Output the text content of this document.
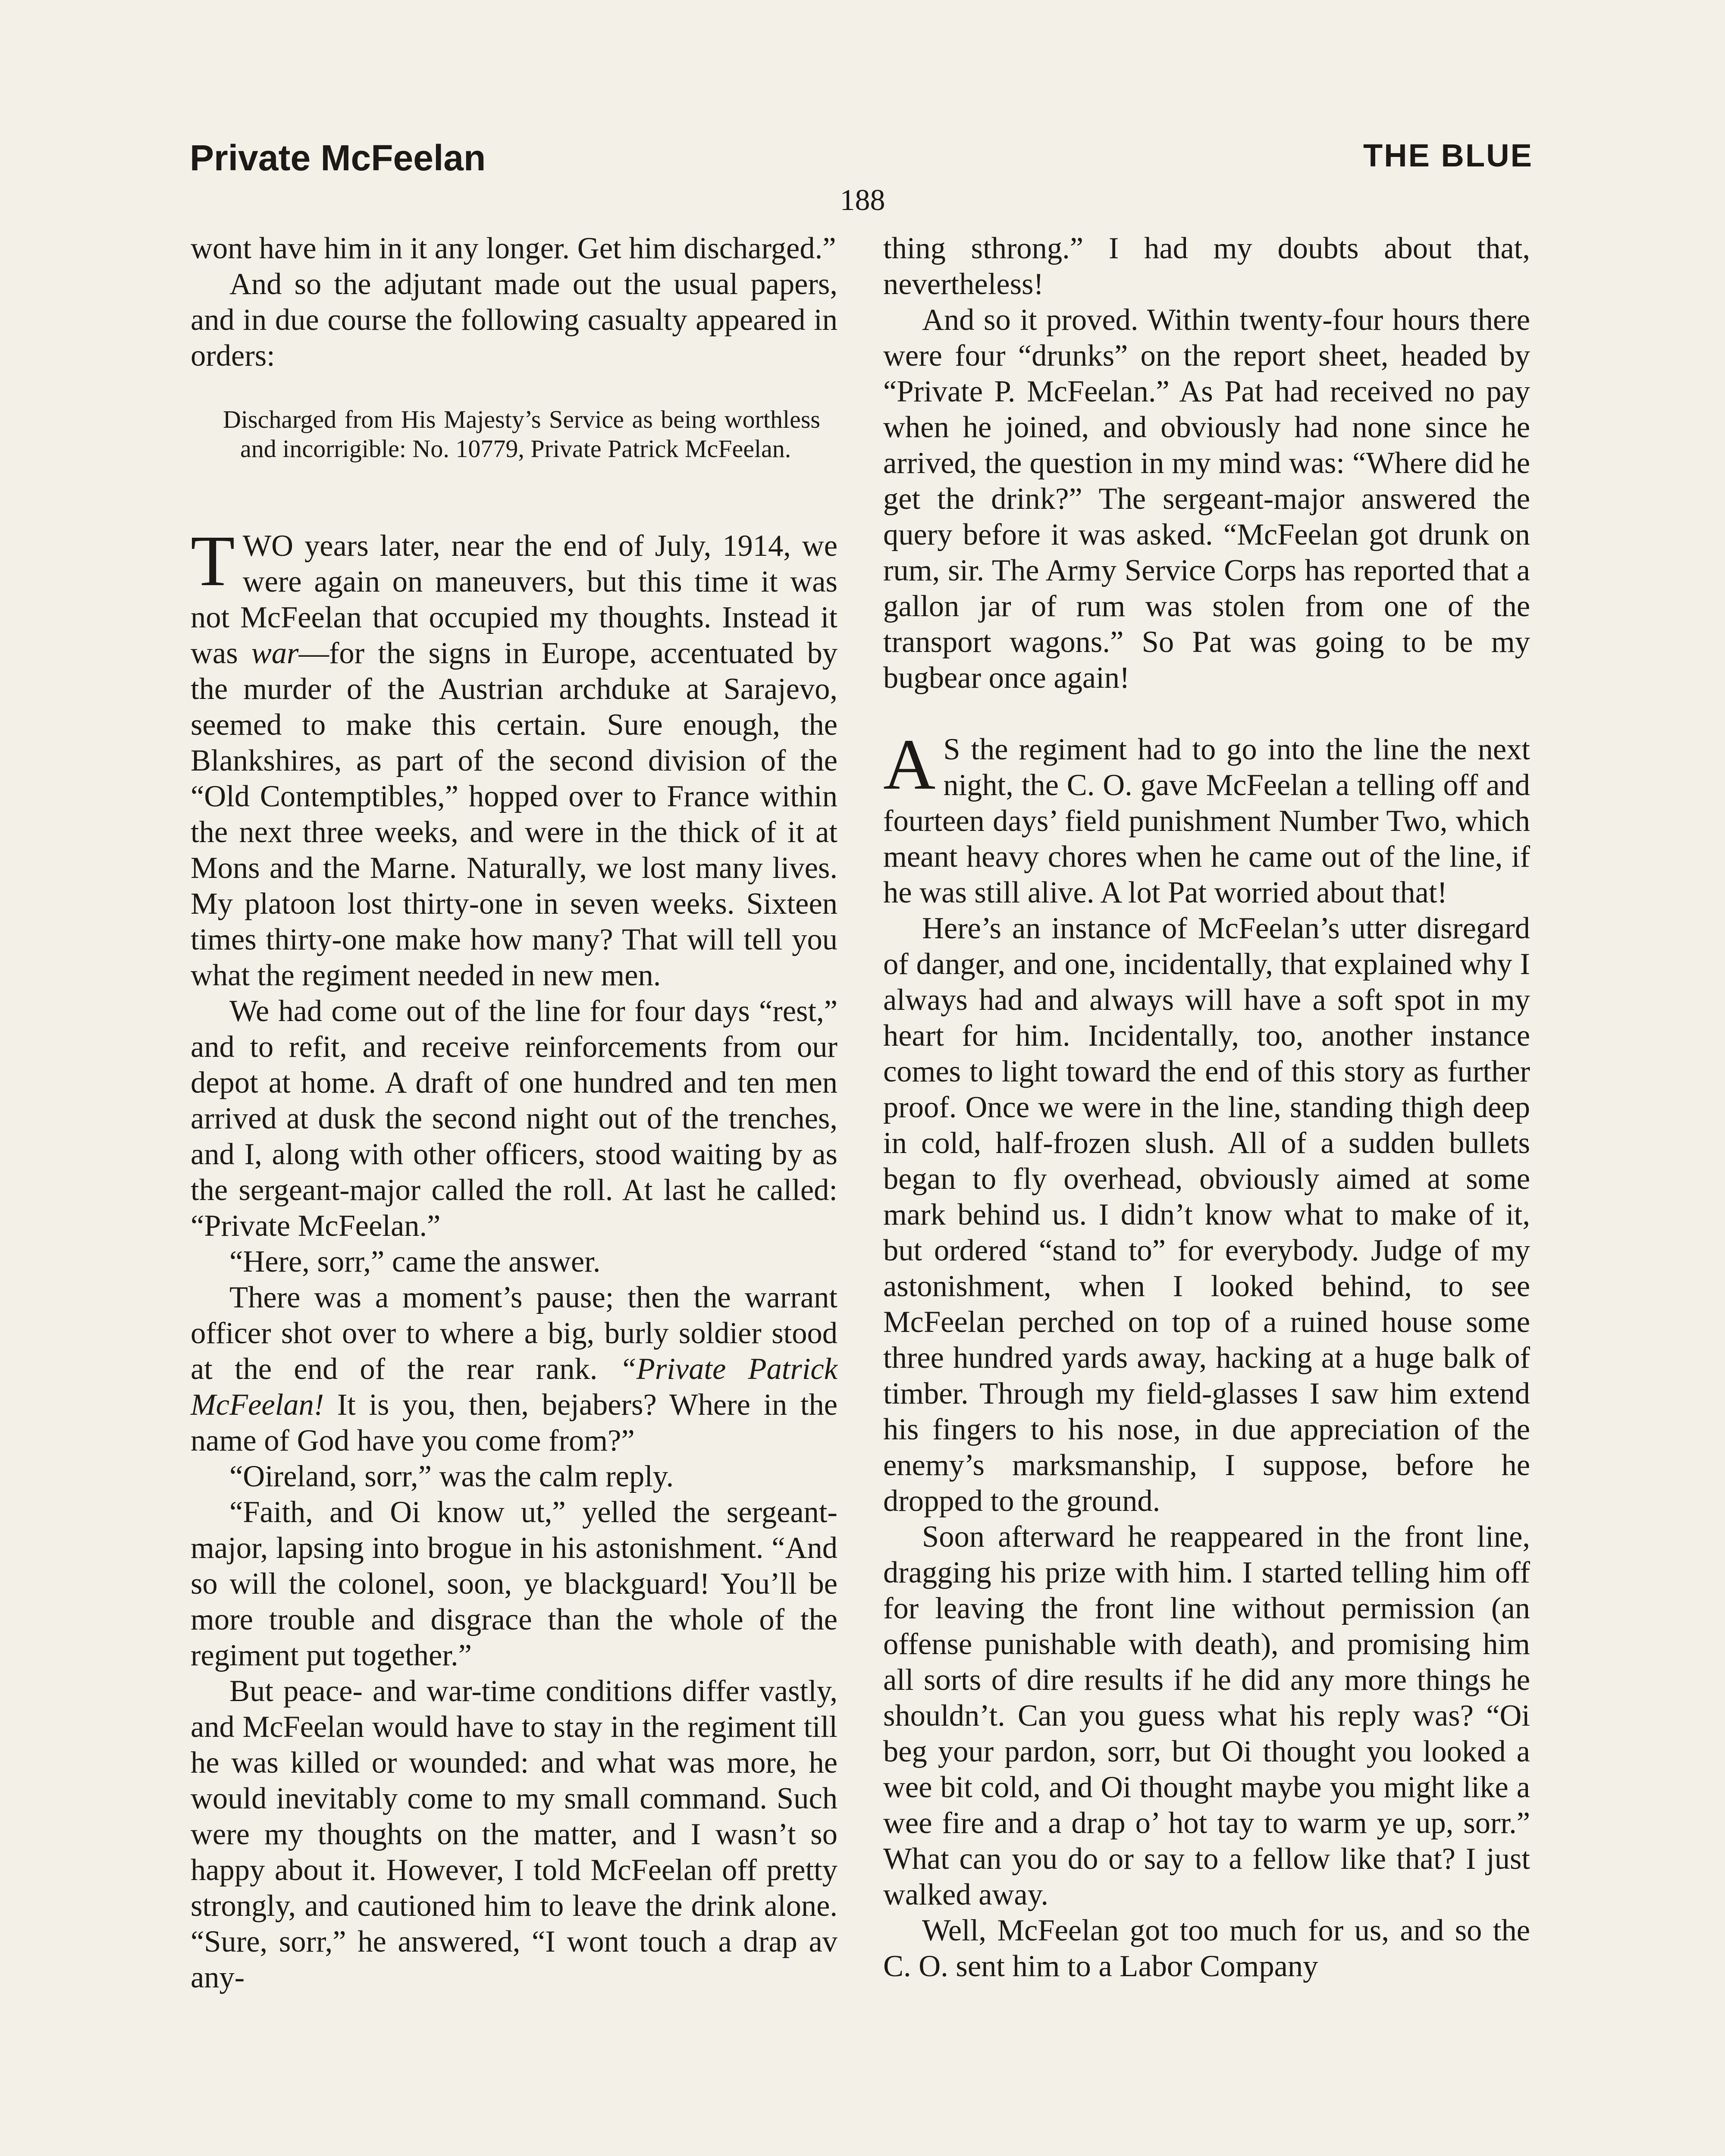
Private McFeelan	THE BLUE
188

wont have him in it any longer. Get him discharged.”

And so the adjutant made out the usual papers, and in due course the following casualty appeared in orders:

Discharged from His Majesty’s Service as being worthless and incorrigible: No. 10779, Private Patrick McFeelan.

TWO years later, near the end of July, 1914, we were again on maneuvers, but this time it was not McFeelan that occupied my thoughts. Instead it was war—for the signs in Europe, accentuated by the murder of the Austrian archduke at Sarajevo, seemed to make this certain. Sure enough, the Blankshires, as part of the second division of the “Old Contemptibles,” hopped over to France within the next three weeks, and were in the thick of it at Mons and the Marne. Naturally, we lost many lives. My platoon lost thirty-one in seven weeks. Sixteen times thirty-one make how many? That will tell you what the regiment needed in new men.

We had come out of the line for four days “rest,” and to refit, and receive reinforcements from our depot at home. A draft of one hundred and ten men arrived at dusk the second night out of the trenches, and I, along with other officers, stood waiting by as the sergeant-major called the roll. At last he called: “Private McFeelan.”

“Here, sorr,” came the answer.

There was a moment’s pause; then the warrant officer shot over to where a big, burly soldier stood at the end of the rear rank. “Private Patrick McFeelan! It is you, then, bejabers? Where in the name of God have you come from?”

“Oireland, sorr,” was the calm reply.

“Faith, and Oi know ut,” yelled the sergeant-major, lapsing into brogue in his astonishment. “And so will the colonel, soon, ye blackguard! You’ll be more trouble and disgrace than the whole of the regiment put together.”

But peace- and war-time conditions differ vastly, and McFeelan would have to stay in the regiment till he was killed or wounded: and what was more, he would inevitably come to my small command. Such were my thoughts on the matter, and I wasn’t so happy about it. However, I told McFeelan off pretty strongly, and cautioned him to leave the drink alone. “Sure, sorr,” he answered, “I wont touch a drap av any-

thing sthrong.” I had my doubts about that, nevertheless!

And so it proved. Within twenty-four hours there were four “drunks” on the report sheet, headed by “Private P. McFeelan.” As Pat had received no pay when he joined, and obviously had none since he arrived, the question in my mind was: “Where did he get the drink?” The sergeant-major answered the query before it was asked. “McFeelan got drunk on rum, sir. The Army Service Corps has reported that a gallon jar of rum was stolen from one of the transport wagons.” So Pat was going to be my bugbear once again!

A S the regiment had to go into the line the next night, the C. O. gave McFeelan a telling off and fourteen days’ field punishment Number Two, which meant heavy chores when he came out of the line, if he was still alive. A lot Pat worried about that!

Here’s an instance of McFeelan’s utter disregard of danger, and one, incidentally, that explained why I always had and always will have a soft spot in my heart for him. Incidentally, too, another instance comes to light toward the end of this story as further proof. Once we were in the line, standing thigh deep in cold, half-frozen slush. All of a sudden bullets began to fly overhead, obviously aimed at some mark behind us. I didn’t know what to make of it, but ordered “stand to” for everybody. Judge of my astonishment, when I looked behind, to see McFeelan perched on top of a ruined house some three hundred yards away, hacking at a huge balk of timber. Through my field-glasses I saw him extend his fingers to his nose, in due appreciation of the enemy’s marksmanship, I suppose, before he dropped to the ground.

Soon afterward he reappeared in the front line, dragging his prize with him. I started telling him off for leaving the front line without permission (an offense punishable with death), and promising him all sorts of dire results if he did any more things he shouldn’t. Can you guess what his reply was? “Oi beg your pardon, sorr, but Oi thought you looked a wee bit cold, and Oi thought maybe you might like a wee fire and a drap o’ hot tay to warm ye up, sorr.” What can you do or say to a fellow like that? I just walked away.

Well, McFeelan got too much for us, and so the C. O. sent him to a Labor Company
